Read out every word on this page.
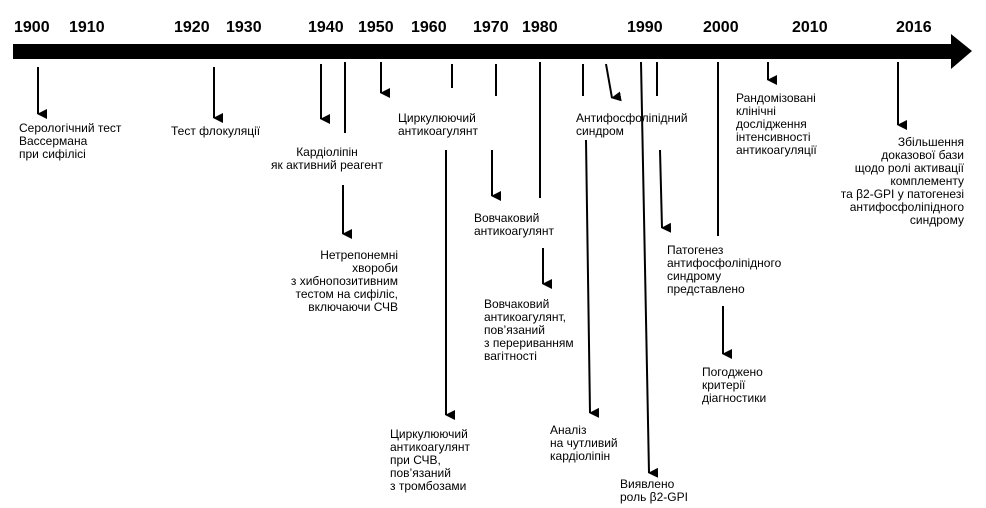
1900 1910	1920 1930	1940 1950 1960 1970 1980	1990	2000	2010	2016
Серологічний тест
Вассермана
при сифілісі
Тест флокуляції
Кардіолiпін
як активний реагент
Нетрепонемні
хвороби
з хибнопозитивним
тестом на сифіліс,
включаючи СЧВ
Циркулюючий
антикоагулянт
Циркулюючий
антикоагулянт
при СЧВ,
пов’язаний
з тромбозами
Вовчаковий
антикоагулянт
Вовчаковий
антикоагулянт,
пов’язаний
з перериванням
вагітності
Антифосфоліпідний
синдром
Аналіз
на чутливий
кардіолiпін
Виявлено
роль β2-GPI
Патогенез
антифосфоліпідного
синдрому
представлено
Погоджено
критерії
діагностики
Рандомізовані
клінічні
дослідження
інтенсивності
антикоагуляції
Збільшення
доказової бази
щодо ролі активації
комплементу
та β2-GPI у патогенезі
антифосфоліпідного
синдрому
